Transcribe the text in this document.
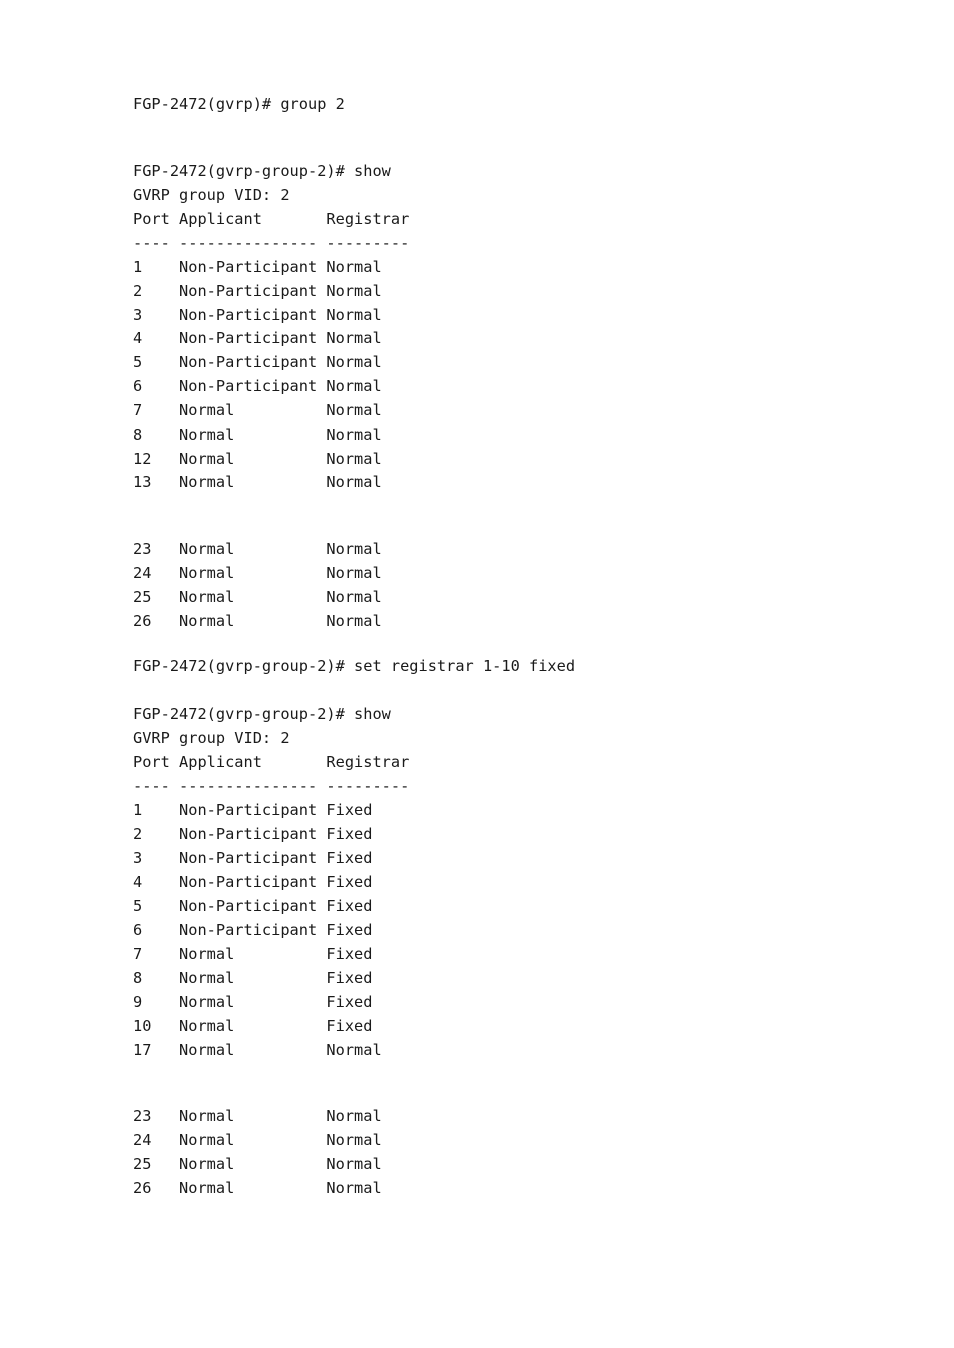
FGP-2472(gvrp)# group 2
FGP-2472(gvrp-group-2)# show
GVRP group VID: 2
Port Applicant       Registrar
---- --------------- ---------
1    Non-Participant Normal
2    Non-Participant Normal
3    Non-Participant Normal
4    Non-Participant Normal
5    Non-Participant Normal
6    Non-Participant Normal
7    Normal          Normal
8    Normal          Normal
12   Normal          Normal
13   Normal          Normal
23   Normal          Normal
24   Normal          Normal
25   Normal          Normal
26   Normal          Normal
FGP-2472(gvrp-group-2)# set registrar 1-10 fixed
FGP-2472(gvrp-group-2)# show
GVRP group VID: 2
Port Applicant       Registrar
---- --------------- ---------
1    Non-Participant Fixed
2    Non-Participant Fixed
3    Non-Participant Fixed
4    Non-Participant Fixed
5    Non-Participant Fixed
6    Non-Participant Fixed
7    Normal          Fixed
8    Normal          Fixed
9    Normal          Fixed
10   Normal          Fixed
17   Normal          Normal
23   Normal          Normal
24   Normal          Normal
25   Normal          Normal
26   Normal          Normal
